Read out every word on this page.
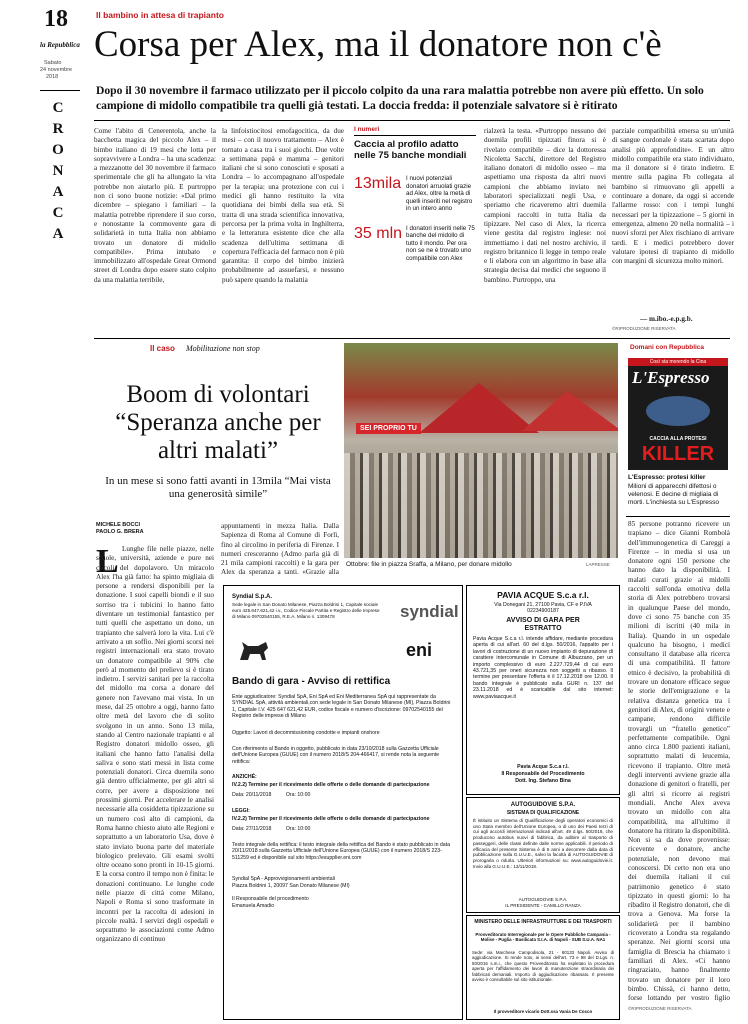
18
la Repubblica
Sabato
24 novembre
2018
CRONACA
Il bambino in attesa di trapianto
Corsa per Alex, ma il donatore non c'è
Dopo il 30 novembre il farmaco utilizzato per il piccolo colpito da una rara malattia potrebbe non avere più effetto. Un solo campione di midollo compatibile tra quelli già testati. La doccia fredda: il potenziale salvatore si è ritirato
Come l'abito di Cenerentola, anche la bacchetta magica del piccolo Alex – il bimbo italiano di 19 mesi che lotta per sopravvivere a Londra – ha una scadenza: a mezzanotte del 30 novembre il farmaco sperimentale che gli ha allungato la vita potrebbe non aiutarlo più. E purtroppo non ci sono buone notizie: «Dal primo dicembre – spiegano i familiari – la malattia potrebbe riprendere il suo corso, e nonostante la commovente gara di solidarietà in tutta Italia non abbiamo trovato un donatore di midollo compatibile». Prima intubato e immobilizzato all'ospedale Great Ormond street di Londra dopo essere stato colpito da una malattia terribile,
la linfoistiocitosi emofagocitica, da due mesi – con il nuovo trattamento – Alex è tornato a casa tra i suoi giochi. Due volte a settimana papà e mamma – genitori italiani che si sono conosciuti e sposati a Londra – lo accompagnano all'ospedale per la terapia: una protezione con cui i medici gli hanno restituito la vita quotidiana dei bimbi della sua età. Si tratta di una strada scientifica innovativa, percorsa per la prima volta in Inghilterra, e la letteratura esistente dice che alla scadenza dell'ultima settimana di copertura l'efficacia del farmaco non è più garantita: il corpo del bimbo inizierà probabilmente ad assuefarsi, e nessuno può sapere quando la malattia
I numeri
Caccia al profilo adatto nelle 75 banche mondiali
13mila I nuovi potenziali donatori arruolati grazie ad Alex, oltre la metà di quelli inseriti nel registro in un intero anno
35 mln I donatori inseriti nelle 75 banche del midollo di tutto il mondo. Per ora non se ne è trovato uno compatibile con Alex
rialzerà la testa. «Purtroppo nessuno dei duemila profili tipizzati finora si è rivelato compatibile – dice la dottoressa Nicoletta Sacchi, direttore del Registro italiano donatori di midollo osseo – ma aspettiamo una risposta da altri nuovi campioni che abbiamo inviato nei laboratori specializzati negli Usa, e speriamo che ricaveremo altri duemila campioni raccolti in tutta Italia da tipizzare. Nel caso di Alex, la ricerca viene gestita dal registro inglese: noi immettiamo i dati nel nostro archivio, il registro britannico li legge in tempo reale e li elabora con un algoritmo in base alla strategia decisa dai medici che seguono il bambino. Purtroppo, una
parziale compatibilità emersa su un'unità di sangue cordonale è stata scartata dopo analisi più approfondite». E un altro midollo compatibile era stato individuato, ma il donatore si è tirato indietro. E mentre sulla pagina Fb collegata al bambino si rimuovano gli appelli a continuare a donare, da oggi si accende l'allarme rosso: con i tempi lunghi necessari per la tipizzazione – 5 giorni in emergenza, almeno 20 nella normalità – i nuovi sforzi per Alex rischiano di arrivare tardi. E i medici potrebbero dover valutare ipotesi di trapianto di midollo con margini di sicurezza molto minori.
— m.ibo.-e.p.g.b.
©RIPRODUZIONE RISERVATA
Il caso Mobilitazione non stop
Boom di volontari “Speranza anche per altri malati”
In un mese si sono fatti avanti in 13mila “Mai vista una generosità simile”
MICHELE BOCCI
PAOLO G. BRERA
L Lunghe file nelle piazze, nelle scuole, università, aziende e pure nei circoli del dopolavoro. Un miracolo Alex l'ha già fatto: ha spinto migliaia di persone a rendersi disponibili per la donazione. I suoi capelli biondi e il suo sorriso tra i tubicini lo hanno fatto diventare un testimonial fantastico per tutti quelli che aspettano un dono, un trapianto che salverà loro la vita. Lui c'è arrivato a un soffio. Nei giorni scorsi nei registri internazionali era stato trovato un donatore compatibile al 90% che però al momento del prelievo si è tirato indietro. I servizi sanitari per la raccolta del midollo ma corsa a donare del genere non l'avevano mai vista. In un mese, dal 25 ottobre a oggi, hanno fatto oltre metà del lavoro che di solito svolgono in un anno. Sono 13 mila, stando al Centro nazionale trapianti e al Registro donatori midollo osseo, gli italiani che hanno fatto l'analisi della saliva e sono stati messi in lista come potenziali donatori. Circa duemila sono già dentro ufficialmente, per gli altri si corre, per avere a disposizione nei prossimi giorni. Per accelerare le analisi necessarie alla cosiddetta tipizzazione su un numero così alto di campioni, da Roma hanno chiesto aiuto alle Regioni e soprattutto a un laboratorio Usa, dove è stato inviato buona parte del materiale biologico prelevato. Gli esami svolti oltre oceano sono pronti in 10-15 giorni. E la corsa contro il tempo non è finita: le donazioni continuano. Le lunghe code nelle piazze di città come Milano, Napoli e Roma si sono trasformate in incontri per la raccolta di adesioni in piccole realtà. I servizi degli ospedali e soprattutto le associazioni come Admo organizzano di continuo
appuntamenti in mezza Italia. Dalla Sapienza di Roma al Comune di Forlì, fino al circolino in periferia di Firenze. I numeri cresceranno (Admo parla già di 21 mila campioni raccolti) e la gara per Alex da speranza a tanti. «Grazie alla
SEI PROPRIO TU
Ottobre: file in piazza Sraffa, a Milano, per donare midollo	LAPRESSE
Domani con Repubblica
Così sta morendo la Cina
L'Espresso
CACCIA ALLA PROTESI
KILLER
L'Espresso: protesi killer
Milioni di apparecchi difettosi o velenosi. E decine di migliaia di morti. L'inchiesta su L'Espresso
85 persone potranno ricevere un trapiano – dice Gianni Rombolà dell'immunogenetica di Careggi a Firenze – in media si usa un donatore ogni 150 persone che hanno dato la disponibilità. I malati curati grazie ai midolli raccolti sull'onda emotiva della storia di Alex potrebbero trovarsi in qualunque Paese del mondo, dove ci sono 75 banche con 35 milioni di iscritti (40 mila in Italia). Quando in un ospedale qualcuno ha bisogno, i medici consultano il database alla ricerca di una compatibilità. Il fattore etnico è decisivo, la probabilità di trovare un donatore efficace segue le storie dell'emigrazione e la relativa distanza genetica tra i genitori di Alex, di origini venete e campane, rendono difficile trovargli un “fratello genetico” perfettamente compatibile. Ogni anno circa 1.800 pazienti italiani, soprattutto malati di leucemia, ricevono il trapianto. Oltre metà degli interventi avviene grazie alla donazione di genitori o fratelli, per gli altri si ricorre ai registri mondiali. Anche Alex aveva trovato un midollo con alta compatibilità, ma all'ultimo il donatore ha ritirato la disponibilità. Non si sa da dove provenisse: ricevente e donatore, anche potenziale, non devono mai conoscersi. Di certo non era uno dei duemila italiani il cui patrimonio genetico è stato tipizzato in questi giorni: lo ha ribadito il Registro donatori, che di trova a Genova. Ma forse la solidarietà per il bambino ricoverato a Londra sta regalando speranze. Nei giorni scorsi una famiglia di Brescia ha chiamato i familiari di Alex. «Ci hanno ringraziato, hanno finalmente trovato un donatore per il loro bimbo. Chissà, ci hanno detto, forse lottando per vostro figlio
©RIPRODUZIONE RISERVATA
Syndial S.p.A.
Sede legale in San Donato Milanese, Piazza Boldrini 1, Capitale sociale euro 425.647.621,42 i.v., Codice Fiscale Partita e Registro delle Imprese di Milano 09702540155, R.E.A. Milano n. 1309478	syndial
eni
Bando di gara - Avviso di rettifica
Ente aggiudicatore: Syndial SpA, Eni SpA ed Eni Mediterranea SpA qui rappresentate da SYNDIAL SpA, attività ambientali,con sede legale in San Donato Milanese (MI), Piazza Boldrini 1, Capitale I.V. 425 647 621,42 EUR, codice fiscale e numero d'iscrizione: 09702540155 del Registro delle imprese di Milano
Oggetto: Lavori di decommissioning condotte e impianti onshore
Con riferimento al Bando in oggetto, pubblicato in data 23/10/2018 sulla Gazzetta Ufficiale dell'Unione Europea (GUUE) con il numero 2018/S 204-466417, si rende nota la seguente rettifica:
ANZICHÉ:
IV.2.2) Termine per il ricevimento delle offerte o delle domande di partecipazione
Data: 20/11/2018          Ora: 10:00
LEGGI:
IV.2.2) Termine per il ricevimento delle offerte o delle domande di partecipazione
Data: 27/11/2018          Ora: 10:00
Testo integrale della rettifica: il testo integrale della rettifica del Bando è stato pubblicato in data 20/11/2018 sulla Gazzetta Ufficiale dell'Unione Europea (GUUE) con il numero 2018/S 223-511259 ed è disponibile sul sito https://esupplier.eni.com
Syndial SpA - Approvvigionamenti ambientali
Piazza Boldrini 1, 20097 San Donato Milanese (MI)
Il Responsabile del procedimento
Emanuela Amadio
PAVIA ACQUE S.c.a r.l.
Via Donegani 21, 27100 Pavia, CF e P.IVA 02234900187
AVVISO DI GARA PER ESTRATTO
Pavia Acque S.c.a r.l. intende affidare, mediante procedura aperta di cui all'art. 60 del d.lgs. 50/2016, l'appalto per i lavori di costruzione di un nuovo impianto di depurazione di carattere intercomunale in Comune di Albuzzano, per un importo complessivo di euro 2.227.729,44 di cui euro 43.721,35 per oneri sicurezza non soggetti a ribasso. Il termine per presentare l'offerta è il 17.12.2018 ore 12.00. Il bando integrale è pubblicato sulla GURI n. 137 del 23.11.2018 ed è scaricabile dal sito internet: www.paviaacque.it
Pavia Acque S.c.a r.l.
Il Responsabile del Procedimento
Dott. Ing. Stefano Bina
AUTOGUIDOVIE S.P.A.
SISTEMA DI QUALIFICAZIONE
È istituito un Sistema di Qualificazione degli operatori economici di uno Stato membro dell'Unione Europea, o di uno dei Paesi terzi di cui agli accordi internazionali indicati all'art. 49 d.lgs. 50/2016, che producono autobus nuovi di fabbrica, da adibire al trasporto di passeggeri, delle classi definite dalle norme applicabili. Il periodo di efficacia del presente Sistema è di 5 anni a decorrere dalla data di pubblicazione sulla G.U.U.E., salvo la facoltà di AUTOGUIDOVIE di prorogarla o ridurla. Ulteriori informazioni su: www.autoguidovie.it. Invio alla G.U.U.E.: 13/11/2018.
AUTOGUIDOVIE S.P.A.
IL PRESIDENTE - CAMILLO RANZA
MINISTERO DELLE INFRASTRUTTURE E DEI TRASPORTI
Provveditorato Interregionale per le Opere Pubbliche Campania - Molise - Puglia - Basilicata S.I.A. di Napoli - SUB S.U.A. NA1
Sede: via Marchese Campodisola, 21 - 80133 Napoli. Avviso di aggiudicazione. Si rende noto, ai sensi dell'art. 73 e 98 del D.Lgs. n. 50/2016 s.m.i., che questo Provveditorato ha espletato la procedura aperta per l'affidamento dei lavori di manutenzione straordinaria dei fabbricati demaniali. Importo di aggiudicazione ribassato. Il presente avviso è consultabile sul sito istituzionale.
Il provveditore vicario Dott.ssa Vania De Cocco
